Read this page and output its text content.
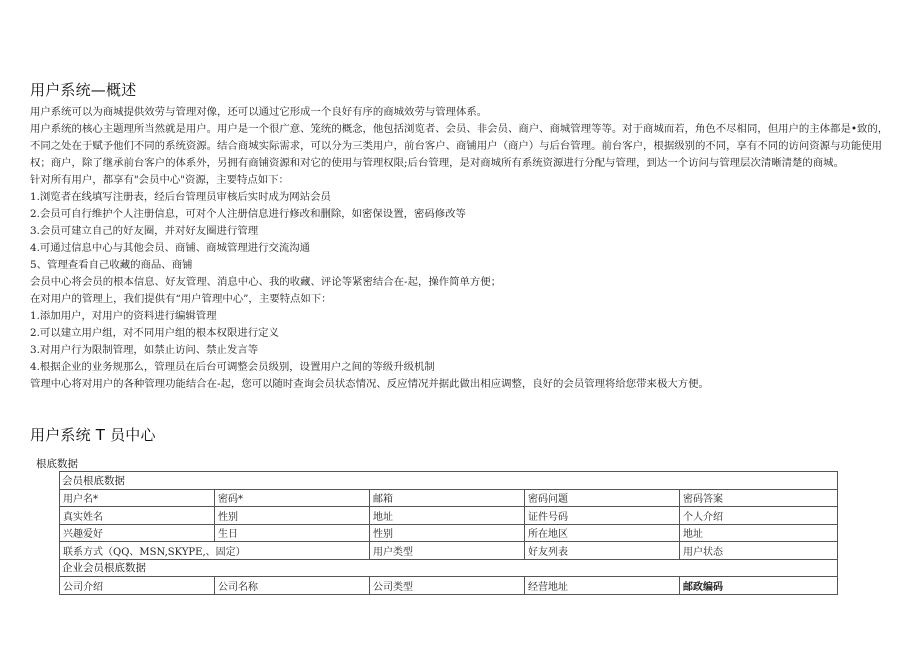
用户系统—概述

用户系统可以为商城提供效劳与管理对像，还可以通过它形成一个良好有序的商城效劳与管理体系。

用户系统的核心主题理所当然就是用户。用户是一个很广意、笼统的概念，他包括浏览者、会员、非会员、商户、商城管理等等。对于商城而若，角色不尽相同，但用户的主体都是•致的，不同之处在于赋予他们不同的系统资源。结合商城实际需求，可以分为三类用户，前台客户、商铺用户（商户）与后台管理。前台客户，根据级别的不同，享有不同的访问资源与功能使用权；商户，除了继承前台客户的体系外，另拥有商铺资源和对它的使用与管理权限;后台管理，是对商城所有系统资源进行分配与管理，到达一个访问与管理层次清晰清楚的商城。

针对所有用户，都享有"会员中心"资源，主要特点如下：

1.浏览者在线填写注册表，经后台管理员审核后实时成为网站会员

2.会员可自行维护个人注册信息，可对个人注册信息进行修改和删除，如密保设置，密码修改等

3.会员可建立自己的好友圈，并对好友圈进行管理

4.可通过信息中心与其他会员、商铺、商城管理进行交流沟通

5、管理查看自己收藏的商品、商铺

会员中心将会员的根本信息、好友管理、消息中心、我的收藏、评论等紧密结合在-起，操作简单方便；

在对用户的管理上，我们提供有“用户管理中心”，主要特点如下：

1.添加用户，对用户的资料进行编辑管理

2.可以建立用户组，对不同用户组的根本权限进行定义

3.对用户行为限制管理，如禁止访问、禁止发言等

4.根据企业的业务规那么，管理员在后台可调整会员级别，设置用户之间的等级升级机制

管理中心将对用户的各种管理功能结合在-起，您可以随时查询会员状态情况、反应情况并据此做出相应调整，良好的会员管理将给您带来极大方便。

用户系统 T 员中心
根底数据
会员根底数据				
用户名*	密码*	邮箱	密码问题	密码答案
真实姓名	性别	地址	证件号码	个人介绍
兴趣爱好	生日	性别	所在地区	地址
联系方式（QQ、MSN,SKYPE,、固定）		用户类型	好友列表	用户状态
企业会员根底数据				
公司介绍	公司名称	公司类型	经营地址	邮政编码
